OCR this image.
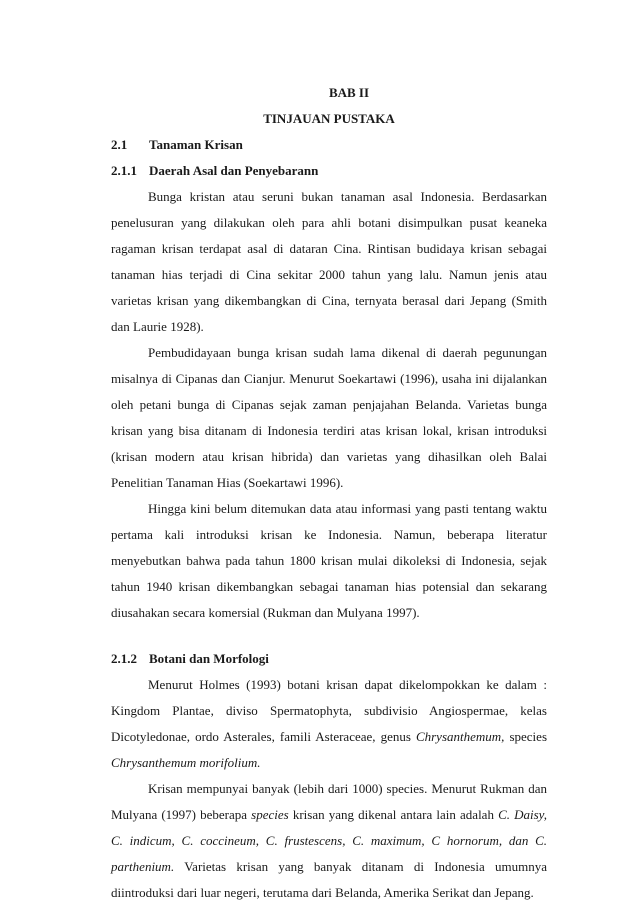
BAB II
TINJAUAN PUSTAKA
2.1	Tanaman Krisan
2.1.1 Daerah Asal dan Penyebarann

Bunga kristan atau seruni bukan tanaman asal Indonesia. Berdasarkan penelusuran yang dilakukan oleh para ahli botani disimpulkan pusat keaneka ragaman krisan terdapat asal di dataran Cina. Rintisan budidaya krisan sebagai tanaman hias terjadi di Cina sekitar 2000 tahun yang lalu. Namun jenis atau varietas krisan yang dikembangkan di Cina, ternyata berasal dari Jepang (Smith dan Laurie 1928).

Pembudidayaan bunga krisan sudah lama dikenal di daerah pegunungan misalnya di Cipanas dan Cianjur. Menurut Soekartawi (1996), usaha ini dijalankan oleh petani bunga di Cipanas sejak zaman penjajahan Belanda. Varietas bunga krisan yang bisa ditanam di Indonesia terdiri atas krisan lokal, krisan introduksi (krisan modern atau krisan hibrida) dan varietas yang dihasilkan oleh Balai Penelitian Tanaman Hias (Soekartawi 1996).

Hingga kini belum ditemukan data atau informasi yang pasti tentang waktu pertama kali introduksi krisan ke Indonesia. Namun, beberapa literatur menyebutkan bahwa pada tahun 1800 krisan mulai dikoleksi di Indonesia, sejak tahun 1940 krisan dikembangkan sebagai tanaman hias potensial dan sekarang diusahakan secara komersial (Rukman dan Mulyana 1997).

2.1.2 Botani dan Morfologi

Menurut Holmes (1993) botani krisan dapat dikelompokkan ke dalam : Kingdom Plantae, diviso Spermatophyta, subdivisio Angiospermae, kelas Dicotyledonae, ordo Asterales, famili Asteraceae, genus Chrysanthemum, species Chrysanthemum morifolium.

Krisan mempunyai banyak (lebih dari 1000) species. Menurut Rukman dan Mulyana (1997) beberapa species krisan yang dikenal antara lain adalah C. Daisy, C. indicum, C. coccineum, C. frustescens, C. maximum, C hornorum, dan C. parthenium. Varietas krisan yang banyak ditanam di Indonesia umumnya diintroduksi dari luar negeri, terutama dari Belanda, Amerika Serikat dan Jepang.
